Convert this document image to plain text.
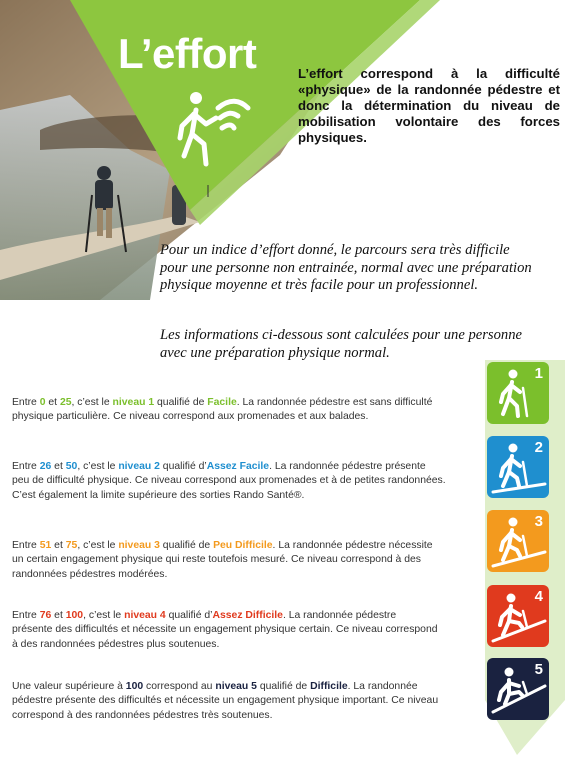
L’effort	L’effort correspond à la difficulté «physique» de la randonnée pédestre et donc la détermination du niveau de mobilisation volontaire des forces physiques.
Pour un indice d’effort donné, le parcours sera très difficile pour une personne non entrainée, normal avec une préparation physique moyenne et très facile pour un professionnel.
Les informations ci-dessous sont calculées pour une personne avec une préparation physique normal.
Entre 0 et 25, c’est le niveau 1 qualifié de Facile. La randonnée pédestre est sans difficulté
physique particulière. Ce niveau correspond aux promenades et aux balades.
Entre 26 et 50, c’est le niveau 2 qualifié d’Assez Facile. La randonnée pédestre présente
peu de difficulté physique. Ce niveau correspond aux promenades et à de petites randonnées.
C’est également la limite supérieure des sorties Rando Santé®.
Entre 51 et 75, c’est le niveau 3 qualifié de Peu Difficile. La randonnée pédestre nécessite
un certain engagement physique qui reste toutefois mesuré. Ce niveau correspond à des
randonnées pédestres modérées.
Entre 76 et 100, c’est le niveau 4 qualifié d’Assez Difficile. La randonnée pédestre
présente des difficultés et nécessite un engagement physique certain. Ce niveau correspond
à des randonnées pédestres plus soutenues.
Une valeur supérieure à 100 correspond au niveau 5 qualifié de Difficile. La randonnée
pédestre présente des difficultés et nécessite un engagement physique important. Ce niveau
correspond à des randonnées pédestres très soutenues.
1
2
3
4
5
